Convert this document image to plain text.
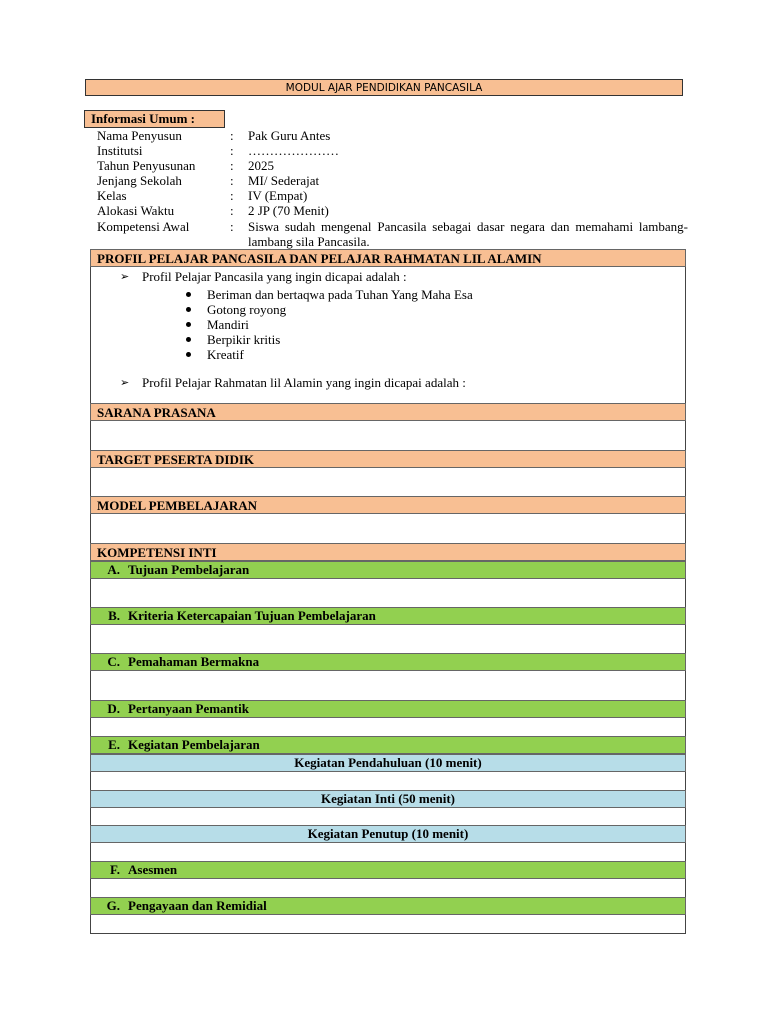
MODUL AJAR PENDIDIKAN PANCASILA
Informasi Umum :
Nama Penyusun	: Pak Guru Antes
Institutsi	: …………………
Tahun Penyusunan	: 2025
Jenjang Sekolah	: MI/ Sederajat
Kelas	: IV (Empat)
Alokasi Waktu	: 2 JP (70 Menit)
Kompetensi Awal	: Siswa sudah mengenal Pancasila sebagai dasar negara dan memahami lambang-lambang sila Pancasila.
PROFIL PELAJAR PANCASILA DAN PELAJAR RAHMATAN LIL ALAMIN
➢ Profil Pelajar Pancasila yang ingin dicapai adalah :
Beriman dan bertaqwa pada Tuhan Yang Maha Esa
Gotong royong
Mandiri
Berpikir kritis
Kreatif
➢ Profil Pelajar Rahmatan lil Alamin yang ingin dicapai adalah :
SARANA PRASANA
TARGET PESERTA DIDIK
MODEL PEMBELAJARAN
KOMPETENSI INTI
A. Tujuan Pembelajaran
B. Kriteria Ketercapaian Tujuan Pembelajaran
C. Pemahaman Bermakna
D. Pertanyaan Pemantik
E. Kegiatan Pembelajaran
Kegiatan Pendahuluan (10 menit)
Kegiatan Inti (50 menit)
Kegiatan Penutup (10 menit)
F. Asesmen
G. Pengayaan dan Remidial
